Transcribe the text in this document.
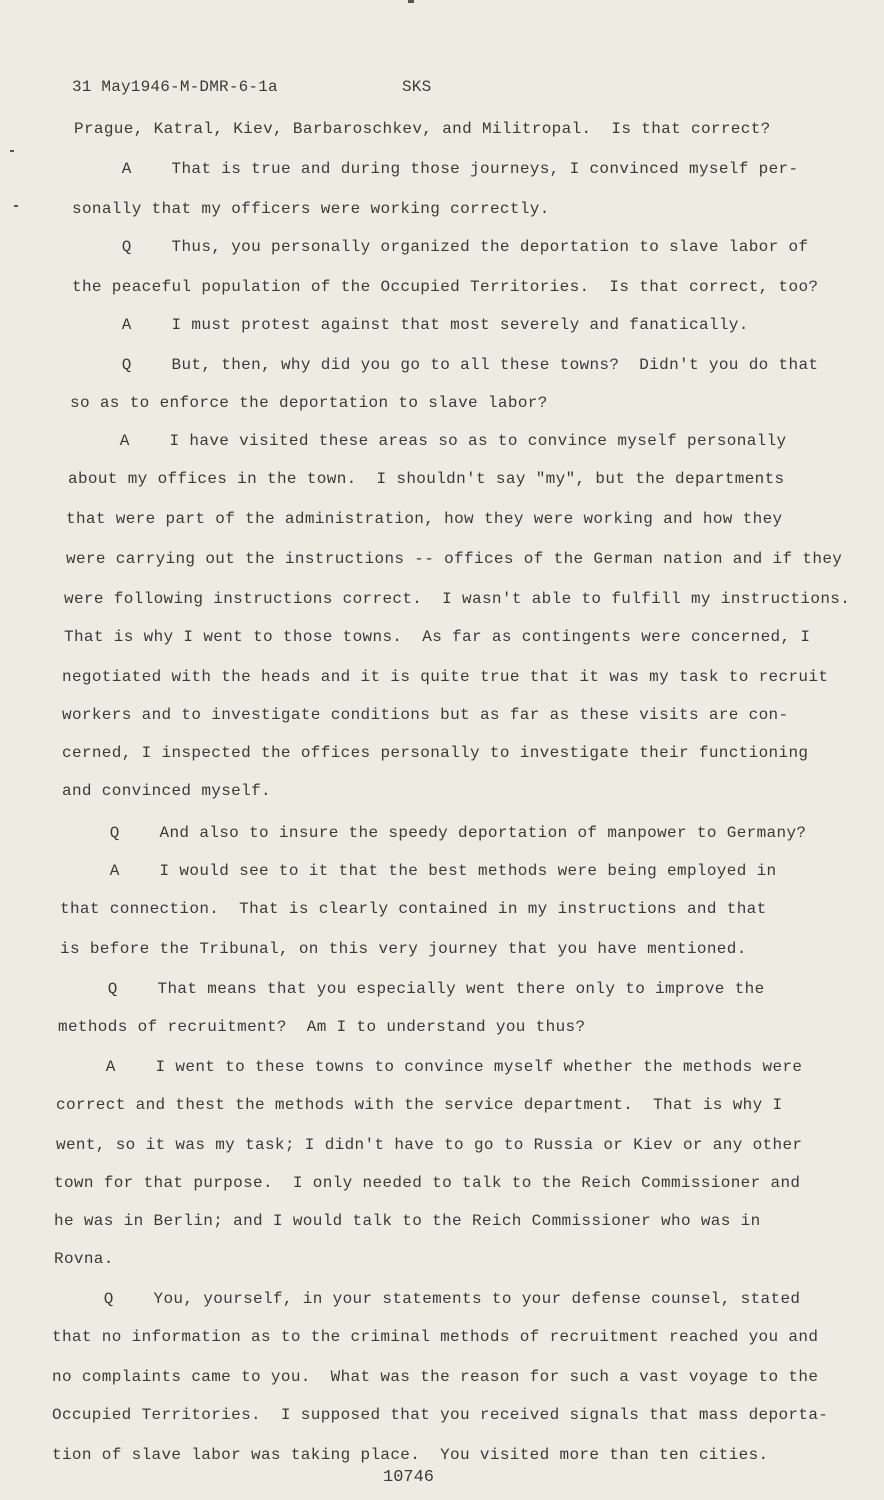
31 May1946-M-DMR-6-1a	SKS
Prague, Katral, Kiev, Barbaroschkev, and Militropal.  Is that correct?
A    That is true and during those journeys, I convinced myself per-
sonally that my officers were working correctly.
Q    Thus, you personally organized the deportation to slave labor of
the peaceful population of the Occupied Territories.  Is that correct, too?
A    I must protest against that most severely and fanatically.
Q    But, then, why did you go to all these towns?  Didn't you do that
so as to enforce the deportation to slave labor?
A    I have visited these areas so as to convince myself personally
about my offices in the town.  I shouldn't say "my", but the departments
that were part of the administration, how they were working and how they
were carrying out the instructions -- offices of the German nation and if they
were following instructions correct.  I wasn't able to fulfill my instructions.
That is why I went to those towns.  As far as contingents were concerned, I
negotiated with the heads and it is quite true that it was my task to recruit
workers and to investigate conditions but as far as these visits are con-
cerned, I inspected the offices personally to investigate their functioning
and convinced myself.
Q    And also to insure the speedy deportation of manpower to Germany?
A    I would see to it that the best methods were being employed in
that connection.  That is clearly contained in my instructions and that
is before the Tribunal, on this very journey that you have mentioned.
Q    That means that you especially went there only to improve the
methods of recruitment?  Am I to understand you thus?
A    I went to these towns to convince myself whether the methods were
correct and thest the methods with the service department.  That is why I
went, so it was my task; I didn't have to go to Russia or Kiev or any other
town for that purpose.  I only needed to talk to the Reich Commissioner and
he was in Berlin; and I would talk to the Reich Commissioner who was in
Rovna.
Q    You, yourself, in your statements to your defense counsel, stated
that no information as to the criminal methods of recruitment reached you and
no complaints came to you.  What was the reason for such a vast voyage to the
Occupied Territories.  I supposed that you received signals that mass deporta-
tion of slave labor was taking place.  You visited more than ten cities.
10746
